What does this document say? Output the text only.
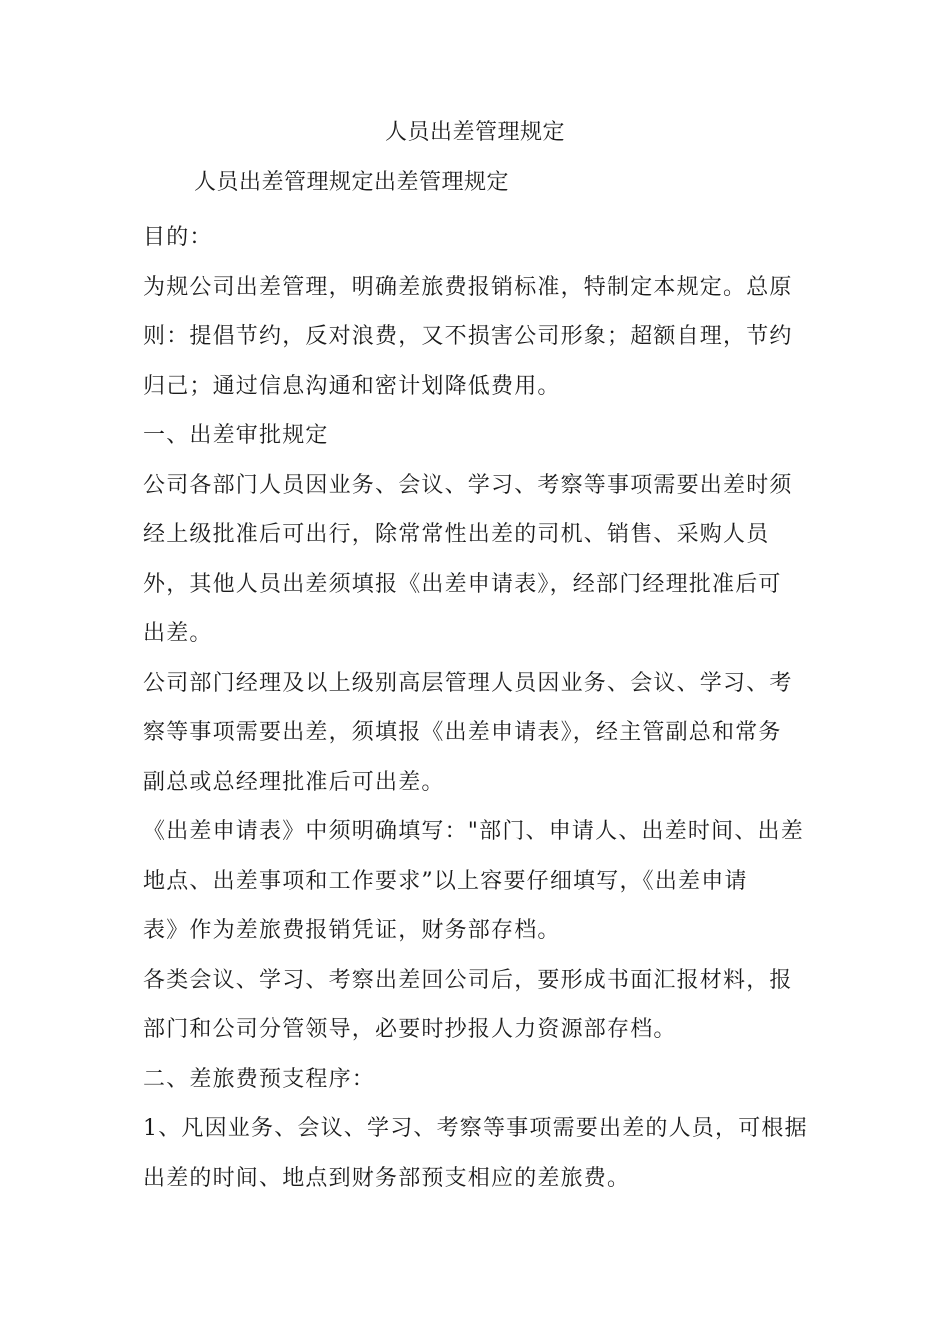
人员出差管理规定
人员出差管理规定出差管理规定
目的：
为规公司出差管理，明确差旅费报销标准，特制定本规定。总原
则：提倡节约，反对浪费，又不损害公司形象；超额自理，节约
归己；通过信息沟通和密计划降低费用。
一、出差审批规定
公司各部门人员因业务、会议、学习、考察等事项需要出差时须
经上级批准后可出行，除常常性出差的司机、销售、采购人员
外，其他人员出差须填报《出差申请表》，经部门经理批准后可
出差。
公司部门经理及以上级别高层管理人员因业务、会议、学习、考
察等事项需要出差，须填报《出差申请表》，经主管副总和常务
副总或总经理批准后可出差。
《出差申请表》中须明确填写："部门、申请人、出差时间、出差
地点、出差事项和工作要求”以上容要仔细填写，《出差申请
表》作为差旅费报销凭证，财务部存档。
各类会议、学习、考察出差回公司后，要形成书面汇报材料，报
部门和公司分管领导，必要时抄报人力资源部存档。
二、差旅费预支程序：
1、凡因业务、会议、学习、考察等事项需要出差的人员，可根据
出差的时间、地点到财务部预支相应的差旅费。
